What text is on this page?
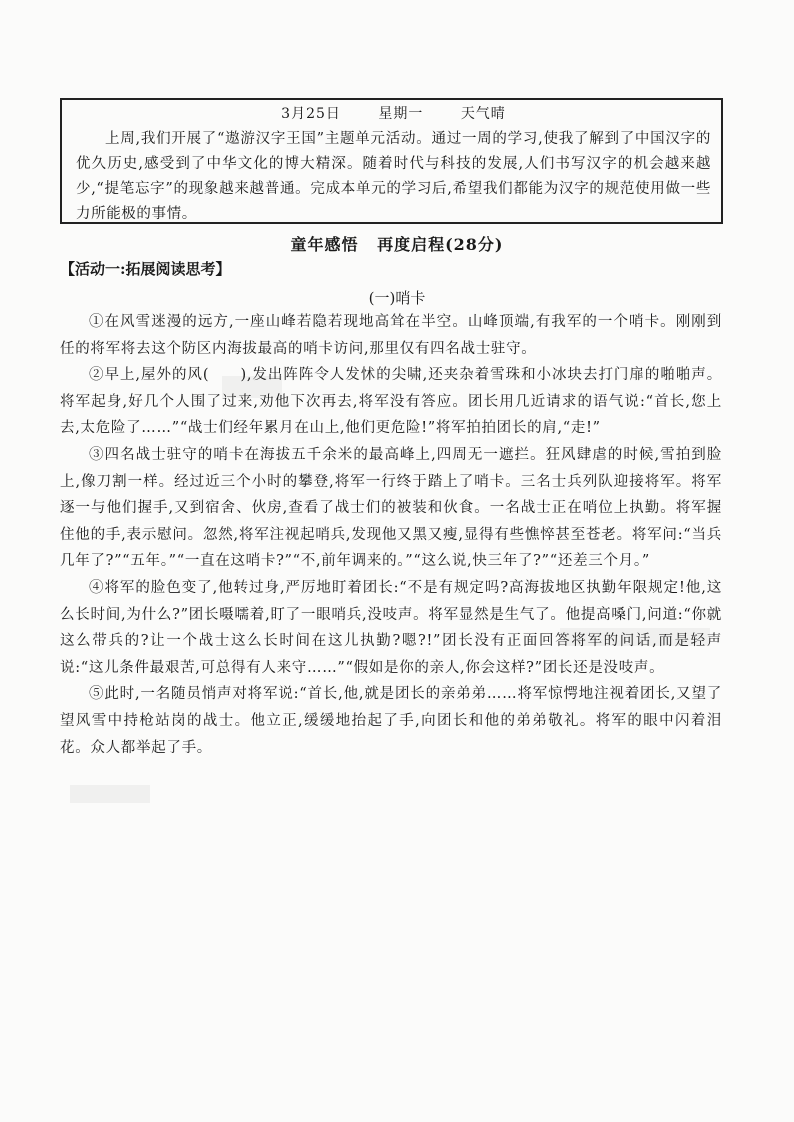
3月25日	星期一	天气晴
上周,我们开展了“遨游汉字王国”主题单元活动。通过一周的学习,使我了解到了中国汉字的优久历史,感受到了中华文化的博大精深。随着时代与科技的发展,人们书写汉字的机会越来越少,“提笔忘字”的现象越来越普通。完成本单元的学习后,希望我们都能为汉字的规范使用做一些力所能极的事情。
童年感悟 再度启程(28分)
【活动一:拓展阅读思考】
(一)哨卡

①在风雪迷漫的远方,一座山峰若隐若现地高耸在半空。山峰顶端,有我军的一个哨卡。刚刚到任的将军将去这个防区内海拔最高的哨卡访问,那里仅有四名战士驻守。

②早上,屋外的风(　　),发出阵阵令人发怵的尖啸,还夹杂着雪珠和小冰块去打门扉的啪啪声。将军起身,好几个人围了过来,劝他下次再去,将军没有答应。团长用几近请求的语气说:“首长,您上去,太危险了……”“战士们经年累月在山上,他们更危险!”将军拍拍团长的肩,“走!”

③四名战士驻守的哨卡在海拔五千余米的最高峰上,四周无一遮拦。狂风肆虐的时候,雪拍到脸上,像刀割一样。经过近三个小时的攀登,将军一行终于踏上了哨卡。三名士兵列队迎接将军。将军逐一与他们握手,又到宿舍、伙房,查看了战士们的被装和伙食。一名战士正在哨位上执勤。将军握住他的手,表示慰问。忽然,将军注视起哨兵,发现他又黑又瘦,显得有些憔悴甚至苍老。将军问:“当兵几年了?”“五年。”“一直在这哨卡?”“不,前年调来的。”“这么说,快三年了?”“还差三个月。”

④将军的脸色变了,他转过身,严厉地盯着团长:“不是有规定吗?高海拔地区执勤年限规定!他,这么长时间,为什么?”团长嗫嚅着,盯了一眼哨兵,没吱声。将军显然是生气了。他提高嗓门,问道:“你就这么带兵的?让一个战士这么长时间在这儿执勤?嗯?!”团长没有正面回答将军的问话,而是轻声说:“这儿条件最艰苦,可总得有人来守……”“假如是你的亲人,你会这样?”团长还是没吱声。

⑤此时,一名随员悄声对将军说:“首长,他,就是团长的亲弟弟……将军惊愕地注视着团长,又望了望风雪中持枪站岗的战士。他立正,缓缓地抬起了手,向团长和他的弟弟敬礼。将军的眼中闪着泪花。众人都举起了手。
